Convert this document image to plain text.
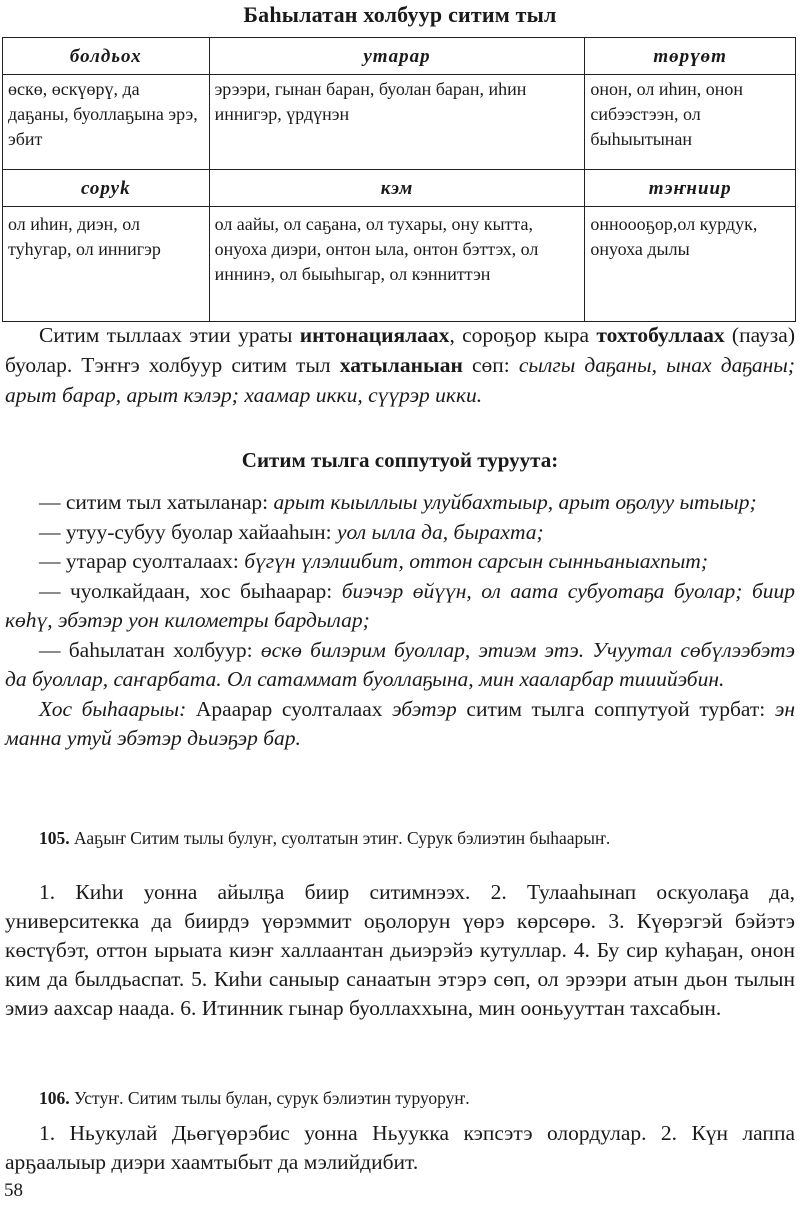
Баһылатан холбуур ситим тыл
болдьох	утарар	төрүөт
өскө, өскүөрү, да даҕаны, буоллаҕына эрэ, эбит	эрээри, гынан баран, буолан баран, иһин иннигэр, үрдүнэн	онон, ол иһин, онон сибээстээн, ол быһыытынан
соруk	кэм	тэҥниир
ол иһин, диэн, ол туһугар, ол иннигэр	ол аайы, ол саҕана, ол тухары, ону кытта, онуоха диэри, онтон ыла, онтон бэттэх, ол иннинэ, ол быыһыгар, ол кэнниттэн	онноооҕор,ол курдук, онуоха дылы

Ситим тыллаах этии ураты интонациялаах, сороҕор кыра тохтобуллаах (пауза) буолар. Тэҥҥэ холбуур ситим тыл хатыланыан сөп: сылгы даҕаны, ынах даҕаны; арыт барар, арыт кэлэр; хаамар икки, сүүрэр икки.

Ситим тылга соппутуой туруута:

— ситим тыл хатыланар: арыт кыыллыы улуйбахтыыр, арыт оҕолуу ытыыр;

— утуу-субуу буолар хайааһын: уол ылла да, бырахта;

— утарар суолталаах: бүгүн үлэлиибит, оттон сарсын сынньаныахпыт;

— чуолкайдаан, хос быһаарар: биэчэр өйүүн, ол аата субуотаҕа буолар; биир көһү, эбэтэр уон километры бардылар;

— баһылатан холбуур: өскө билэрим буоллар, этиэм этэ. Учуутал сөбүлээбэтэ да буоллар, саҥарбата. Ол сатаммат буоллаҕына, мин хааларбар тииийэбин.

Хос быһаарыы: Араарар суолталаах эбэтэр ситим тылга соппутуой турбат: эн манна утуй эбэтэр дьиэҕэр бар.

105. Ааҕыҥ Ситим тылы булуҥ, суолтатын этиҥ. Сурук бэлиэтин быһаарыҥ.
1. Киһи уонна айылҕа биир ситимнээх. 2. Тулааһынап оскуолаҕа да, университекка да биирдэ үөрэммит оҕолорун үөрэ көрсөрө. 3. Күөрэгэй бэйэтэ көстүбэт, оттон ырыата киэҥ халлаантан дьиэрэйэ кутуллар. 4. Бу сир куһаҕан, онон ким да былдьаспат. 5. Киһи саныыр санаатын этэрэ сөп, ол эрээри атын дьон тылын эмиэ аахсар наада. 6. Итинник гынар буоллаххына, мин ооньууттан тахсабын.
106. Устуҥ. Ситим тылы булан, сурук бэлиэтин туруоруҥ.
1. Ньукулай Дьөгүөрэбис уонна Ньуукка кэпсэтэ олордулар. 2. Күн лаппа арҕаалыыр диэри хаамтыбыт да мэлийдибит.
58
